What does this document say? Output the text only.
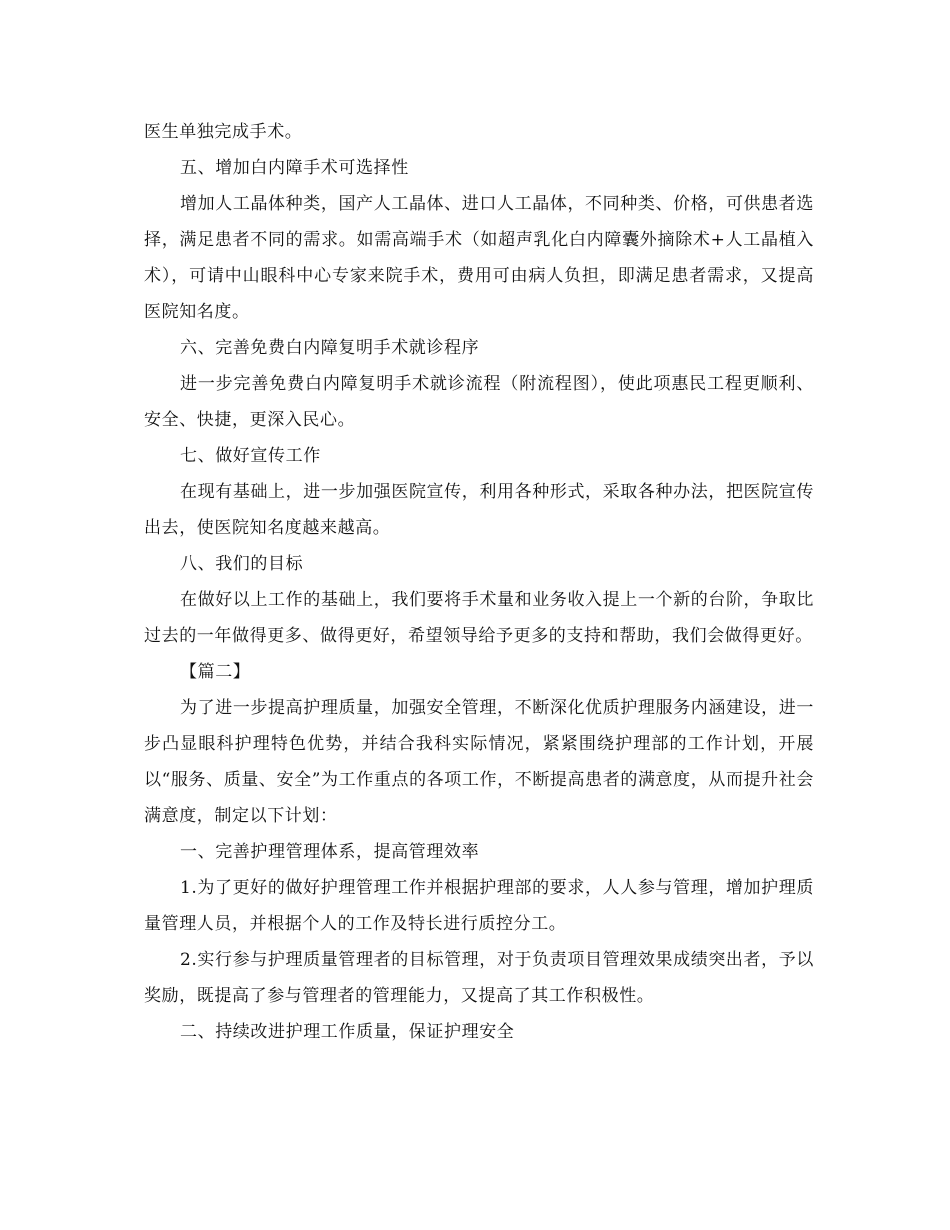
医生单独完成手术。

五、增加白内障手术可选择性

增加人工晶体种类，国产人工晶体、进口人工晶体，不同种类、价格，可供患者选择，满足患者不同的需求。如需高端手术（如超声乳化白内障囊外摘除术+人工晶植入术），可请中山眼科中心专家来院手术，费用可由病人负担，即满足患者需求，又提高医院知名度。

六、完善免费白内障复明手术就诊程序

进一步完善免费白内障复明手术就诊流程（附流程图），使此项惠民工程更顺利、安全、快捷，更深入民心。

七、做好宣传工作

在现有基础上，进一步加强医院宣传，利用各种形式，采取各种办法，把医院宣传出去，使医院知名度越来越高。

八、我们的目标

在做好以上工作的基础上，我们要将手术量和业务收入提上一个新的台阶，争取比过去的一年做得更多、做得更好，希望领导给予更多的支持和帮助，我们会做得更好。

【篇二】

为了进一步提高护理质量，加强安全管理，不断深化优质护理服务内涵建设，进一步凸显眼科护理特色优势，并结合我科实际情况，紧紧围绕护理部的工作计划，开展以“服务、质量、安全”为工作重点的各项工作，不断提高患者的满意度，从而提升社会满意度，制定以下计划：

一、完善护理管理体系，提高管理效率

1.为了更好的做好护理管理工作并根据护理部的要求，人人参与管理，增加护理质量管理人员，并根据个人的工作及特长进行质控分工。

2.实行参与护理质量管理者的目标管理，对于负责项目管理效果成绩突出者，予以奖励，既提高了参与管理者的管理能力，又提高了其工作积极性。

二、持续改进护理工作质量，保证护理安全
